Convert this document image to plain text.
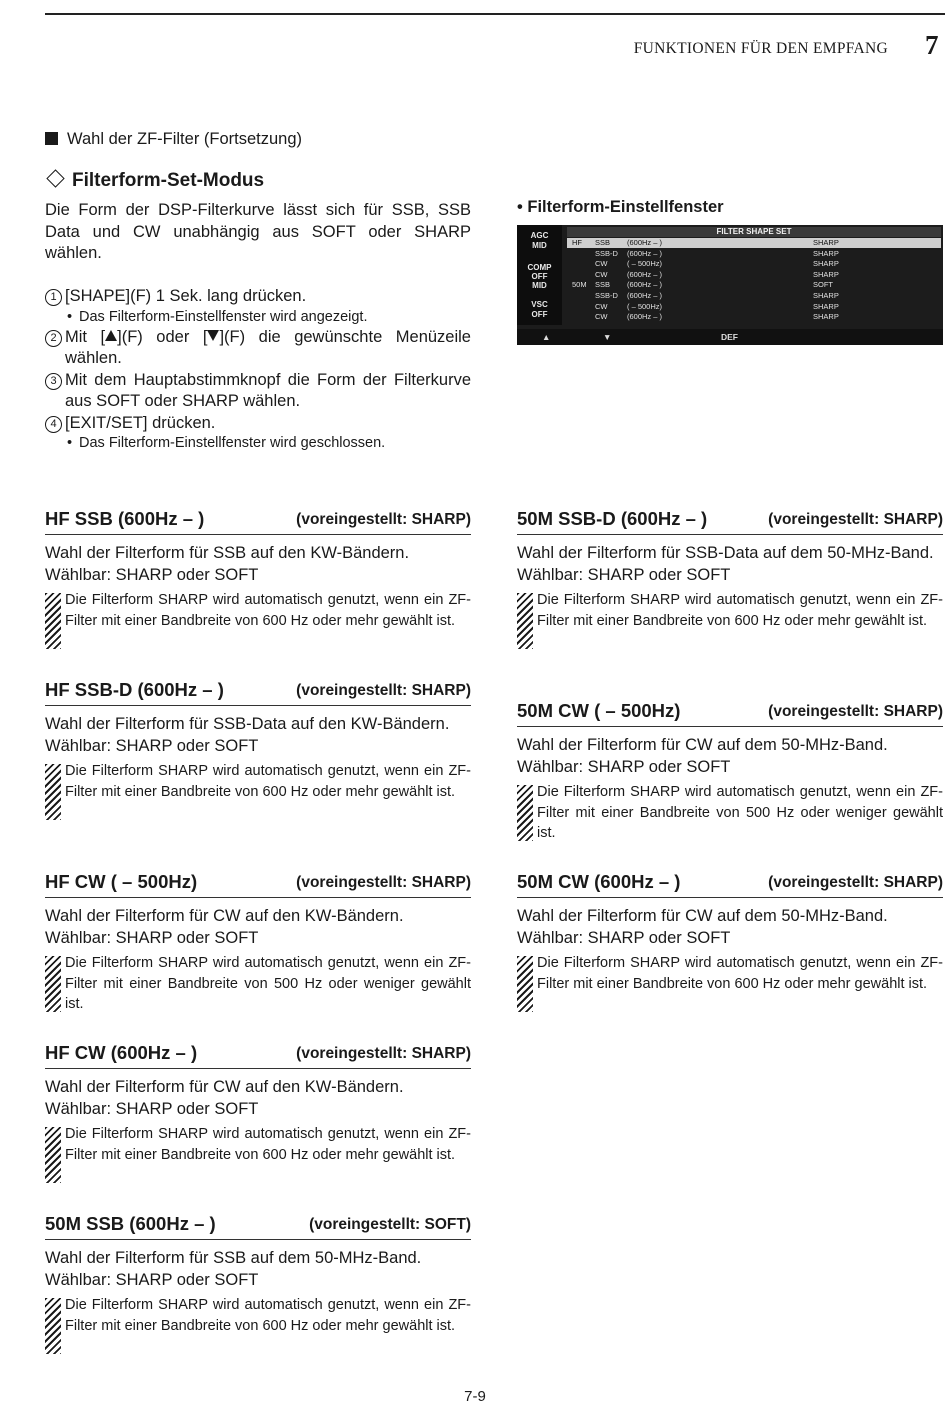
FUNKTIONEN FÜR DEN EMPFANG 7
Wahl der ZF-Filter (Fortsetzung)
Filterform-Set-Modus

Die Form der DSP-Filterkurve lässt sich für SSB, SSB Data und CW unabhängig aus SOFT oder SHARP wählen.

1 [SHAPE](F) 1 Sek. lang drücken.
• Das Filterform-Einstellfenster wird angezeigt.
2 Mit [ ](F) oder [ ](F) die gewünschte Menüzeile wählen.
3 Mit dem Hauptabstimmknopf die Form der Filterkurve aus SOFT oder SHARP wählen.
4 [EXIT/SET] drücken.
• Das Filterform-Einstellfenster wird geschlossen.
• Filterform-Einstellfenster
AGC
MID
COMP
OFF
MID
VSC
OFF
FILTER SHAPE SET
HF SSB (600Hz – )	SHARP
SSB-D (600Hz – )	SHARP
CW	( – 500Hz)	SHARP
CW	(600Hz – )	SHARP
50M SSB (600Hz – )	SOFT
SSB-D (600Hz – )	SHARP
CW	( – 500Hz)	SHARP
CW	(600Hz – )	SHARP
▲	▼	DEF
HF SSB (600Hz – )	(voreingestellt: SHARP)

Wahl der Filterform für SSB auf den KW-Bändern.
Wählbar: SHARP oder SOFT

Die Filterform SHARP wird automatisch genutzt, wenn ein ZF-Filter mit einer Bandbreite von 600 Hz oder mehr gewählt ist.
HF SSB-D (600Hz – )	(voreingestellt: SHARP)

Wahl der Filterform für SSB-Data auf den KW-Bändern.
Wählbar: SHARP oder SOFT

Die Filterform SHARP wird automatisch genutzt, wenn ein ZF-Filter mit einer Bandbreite von 600 Hz oder mehr gewählt ist.
HF CW ( – 500Hz)	(voreingestellt: SHARP)

Wahl der Filterform für CW auf den KW-Bändern.
Wählbar: SHARP oder SOFT

Die Filterform SHARP wird automatisch genutzt, wenn ein ZF-Filter mit einer Bandbreite von 500 Hz oder weniger gewählt ist.
HF CW (600Hz – )	(voreingestellt: SHARP)

Wahl der Filterform für CW auf den KW-Bändern.
Wählbar: SHARP oder SOFT

Die Filterform SHARP wird automatisch genutzt, wenn ein ZF-Filter mit einer Bandbreite von 600 Hz oder mehr gewählt ist.
50M SSB (600Hz – )	(voreingestellt: SOFT)

Wahl der Filterform für SSB auf dem 50-MHz-Band.
Wählbar: SHARP oder SOFT

Die Filterform SHARP wird automatisch genutzt, wenn ein ZF-Filter mit einer Bandbreite von 600 Hz oder mehr gewählt ist.
50M SSB-D (600Hz – )	(voreingestellt: SHARP)

Wahl der Filterform für SSB-Data auf dem 50-MHz-Band.
Wählbar: SHARP oder SOFT

Die Filterform SHARP wird automatisch genutzt, wenn ein ZF-Filter mit einer Bandbreite von 600 Hz oder mehr gewählt ist.
50M CW ( – 500Hz)	(voreingestellt: SHARP)

Wahl der Filterform für CW auf dem 50-MHz-Band.
Wählbar: SHARP oder SOFT

Die Filterform SHARP wird automatisch genutzt, wenn ein ZF-Filter mit einer Bandbreite von 500 Hz oder weniger gewählt ist.
50M CW (600Hz – )	(voreingestellt: SHARP)

Wahl der Filterform für CW auf dem 50-MHz-Band.
Wählbar: SHARP oder SOFT

Die Filterform SHARP wird automatisch genutzt, wenn ein ZF-Filter mit einer Bandbreite von 600 Hz oder mehr gewählt ist.
7-9
